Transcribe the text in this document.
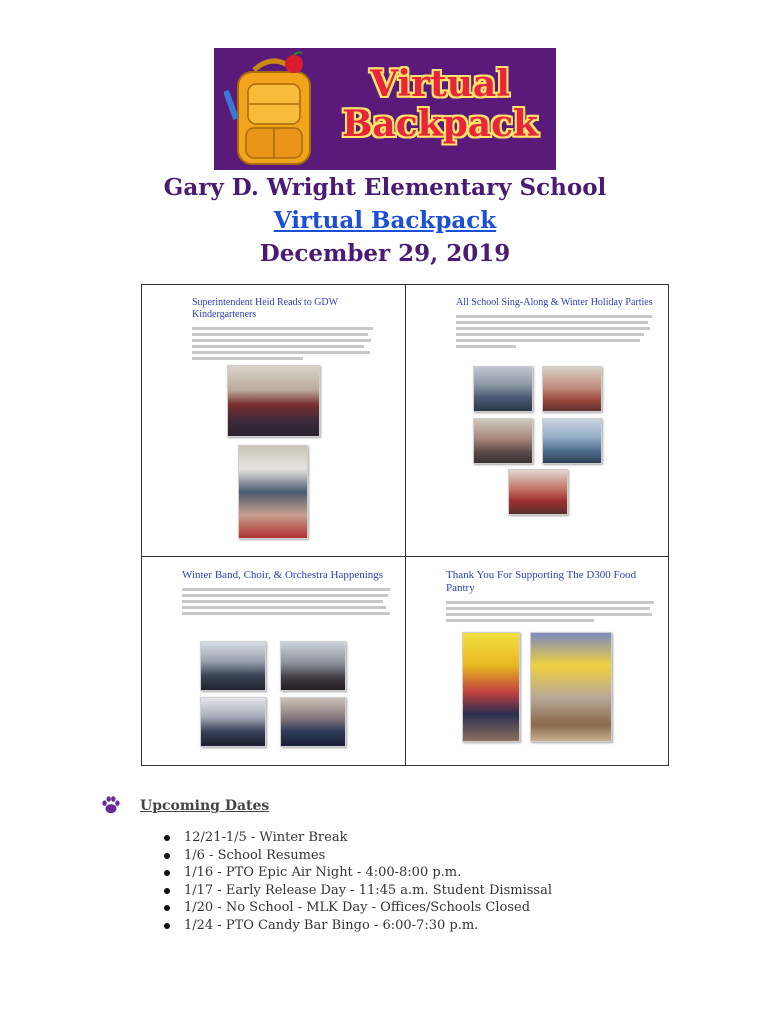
Virtual
Backpack
Gary D. Wright Elementary School
Virtual Backpack
December 29, 2019
Superintendent Heid Reads to GDW Kindergarteners
All School Sing-Along & Winter Holiday Parties
Winter Band, Choir, & Orchestra Happenings	Thank You For Supporting The D300 Food Pantry
Upcoming Dates
12/21-1/5 - Winter Break
1/6 - School Resumes
1/16 - PTO Epic Air Night - 4:00-8:00 p.m.
1/17 - Early Release Day - 11:45 a.m. Student Dismissal
1/20 - No School - MLK Day - Offices/Schools Closed
1/24 - PTO Candy Bar Bingo - 6:00-7:30 p.m.
